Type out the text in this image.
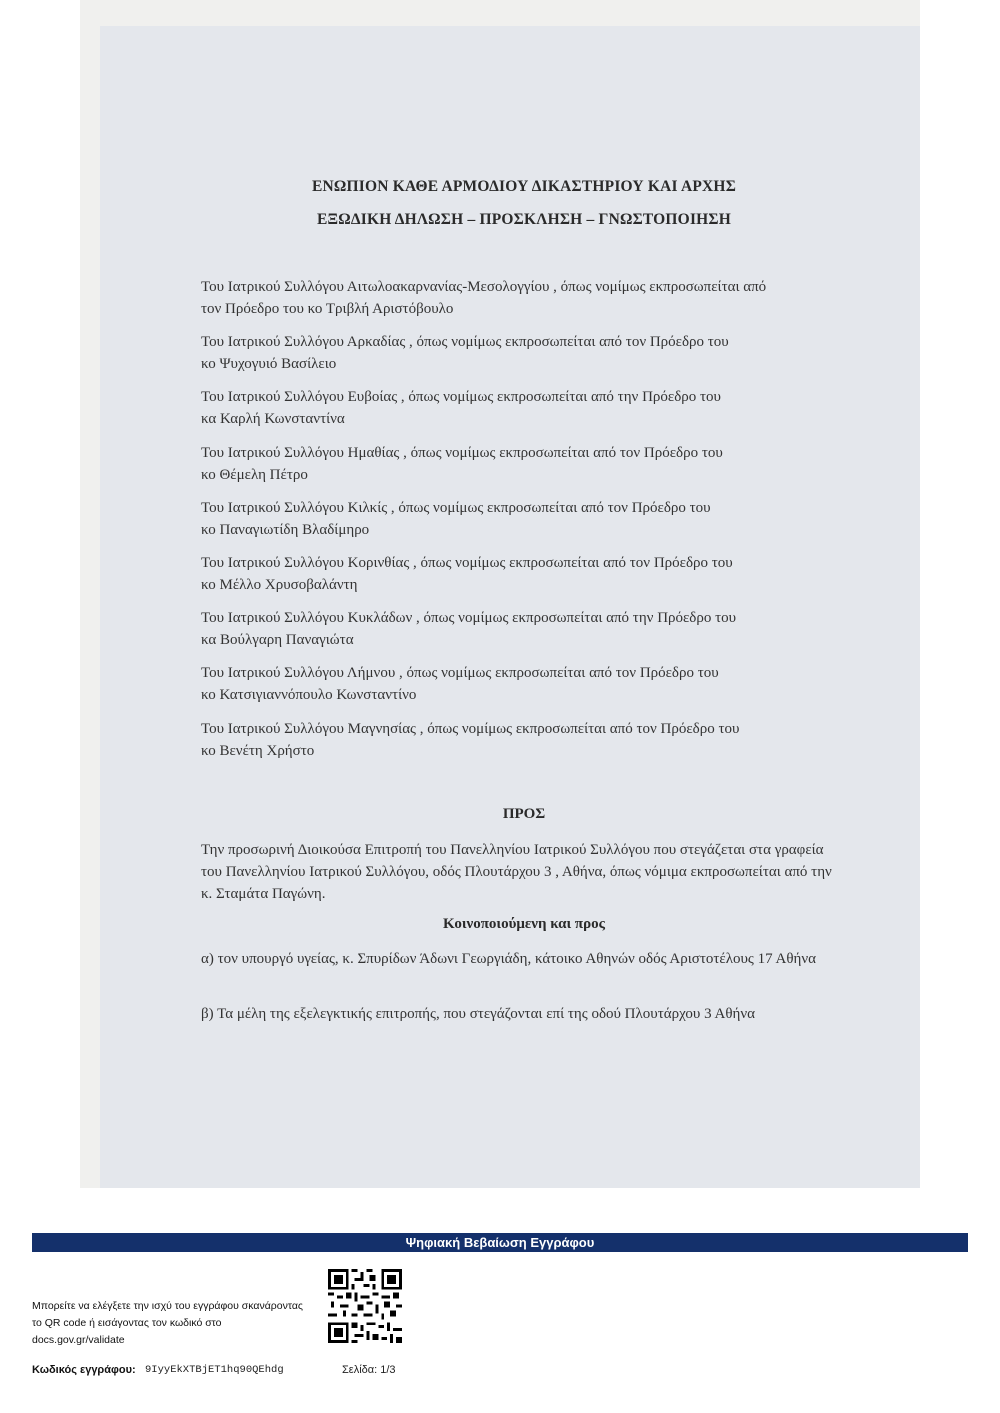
ΕΝΩΠΙΟΝ ΚΑΘΕ ΑΡΜΟΔΙΟΥ ΔΙΚΑΣΤΗΡΙΟΥ ΚΑΙ ΑΡΧΗΣ
ΕΞΩΔΙΚΗ ΔΗΛΩΣΗ – ΠΡΟΣΚΛΗΣΗ – ΓΝΩΣΤΟΠΟΙΗΣΗ
Του Ιατρικού Συλλόγου Αιτωλοακαρνανίας-Μεσολογγίου , όπως νομίμως εκπροσωπείται από
τον Πρόεδρο του κο Τριβλή Αριστόβουλο
Του Ιατρικού Συλλόγου Αρκαδίας , όπως νομίμως εκπροσωπείται από τον Πρόεδρο του
κο Ψυχογυιό Βασίλειο
Του Ιατρικού Συλλόγου Ευβοίας , όπως νομίμως εκπροσωπείται από την Πρόεδρο του
κα Καρλή Κωνσταντίνα
Του Ιατρικού Συλλόγου Ημαθίας , όπως νομίμως εκπροσωπείται από τον Πρόεδρο του
κο Θέμελη Πέτρο
Του Ιατρικού Συλλόγου Κιλκίς , όπως νομίμως εκπροσωπείται από τον Πρόεδρο του
κο Παναγιωτίδη Βλαδίμηρο
Του Ιατρικού Συλλόγου Κορινθίας , όπως νομίμως εκπροσωπείται από τον Πρόεδρο του
κο Μέλλο Χρυσοβαλάντη
Του Ιατρικού Συλλόγου Κυκλάδων , όπως νομίμως εκπροσωπείται από την Πρόεδρο του
κα Βούλγαρη Παναγιώτα
Του Ιατρικού Συλλόγου Λήμνου , όπως νομίμως εκπροσωπείται από τον Πρόεδρο του
κο Κατσιγιαννόπουλο Κωνσταντίνο
Του Ιατρικού Συλλόγου Μαγνησίας , όπως νομίμως εκπροσωπείται από τον Πρόεδρο του
κο Βενέτη Χρήστο
ΠΡΟΣ
Την προσωρινή Διοικούσα Επιτροπή του Πανελληνίου Ιατρικού Συλλόγου που στεγάζεται στα γραφεία του Πανελληνίου Ιατρικού Συλλόγου, οδός Πλουτάρχου 3 , Αθήνα, όπως νόμιμα εκπροσωπείται από την κ. Σταμάτα Παγώνη.
Κοινοποιούμενη και προς
α) τον υπουργό υγείας, κ. Σπυρίδων Άδωνι Γεωργιάδη, κάτοικο Αθηνών οδός Αριστοτέλους 17 Αθήνα
β) Τα μέλη της εξελεγκτικής επιτροπής, που στεγάζονται επί της οδού Πλουτάρχου 3 Αθήνα
Ψηφιακή Βεβαίωση Εγγράφου
Μπορείτε να ελέγξετε την ισχύ του εγγράφου σκανάροντας το QR code ή εισάγοντας τον κωδικό στο docs.gov.gr/validate
Κωδικός εγγράφου: 9IyyEkXTBjET1hq90QEhdg	Σελίδα: 1/3
